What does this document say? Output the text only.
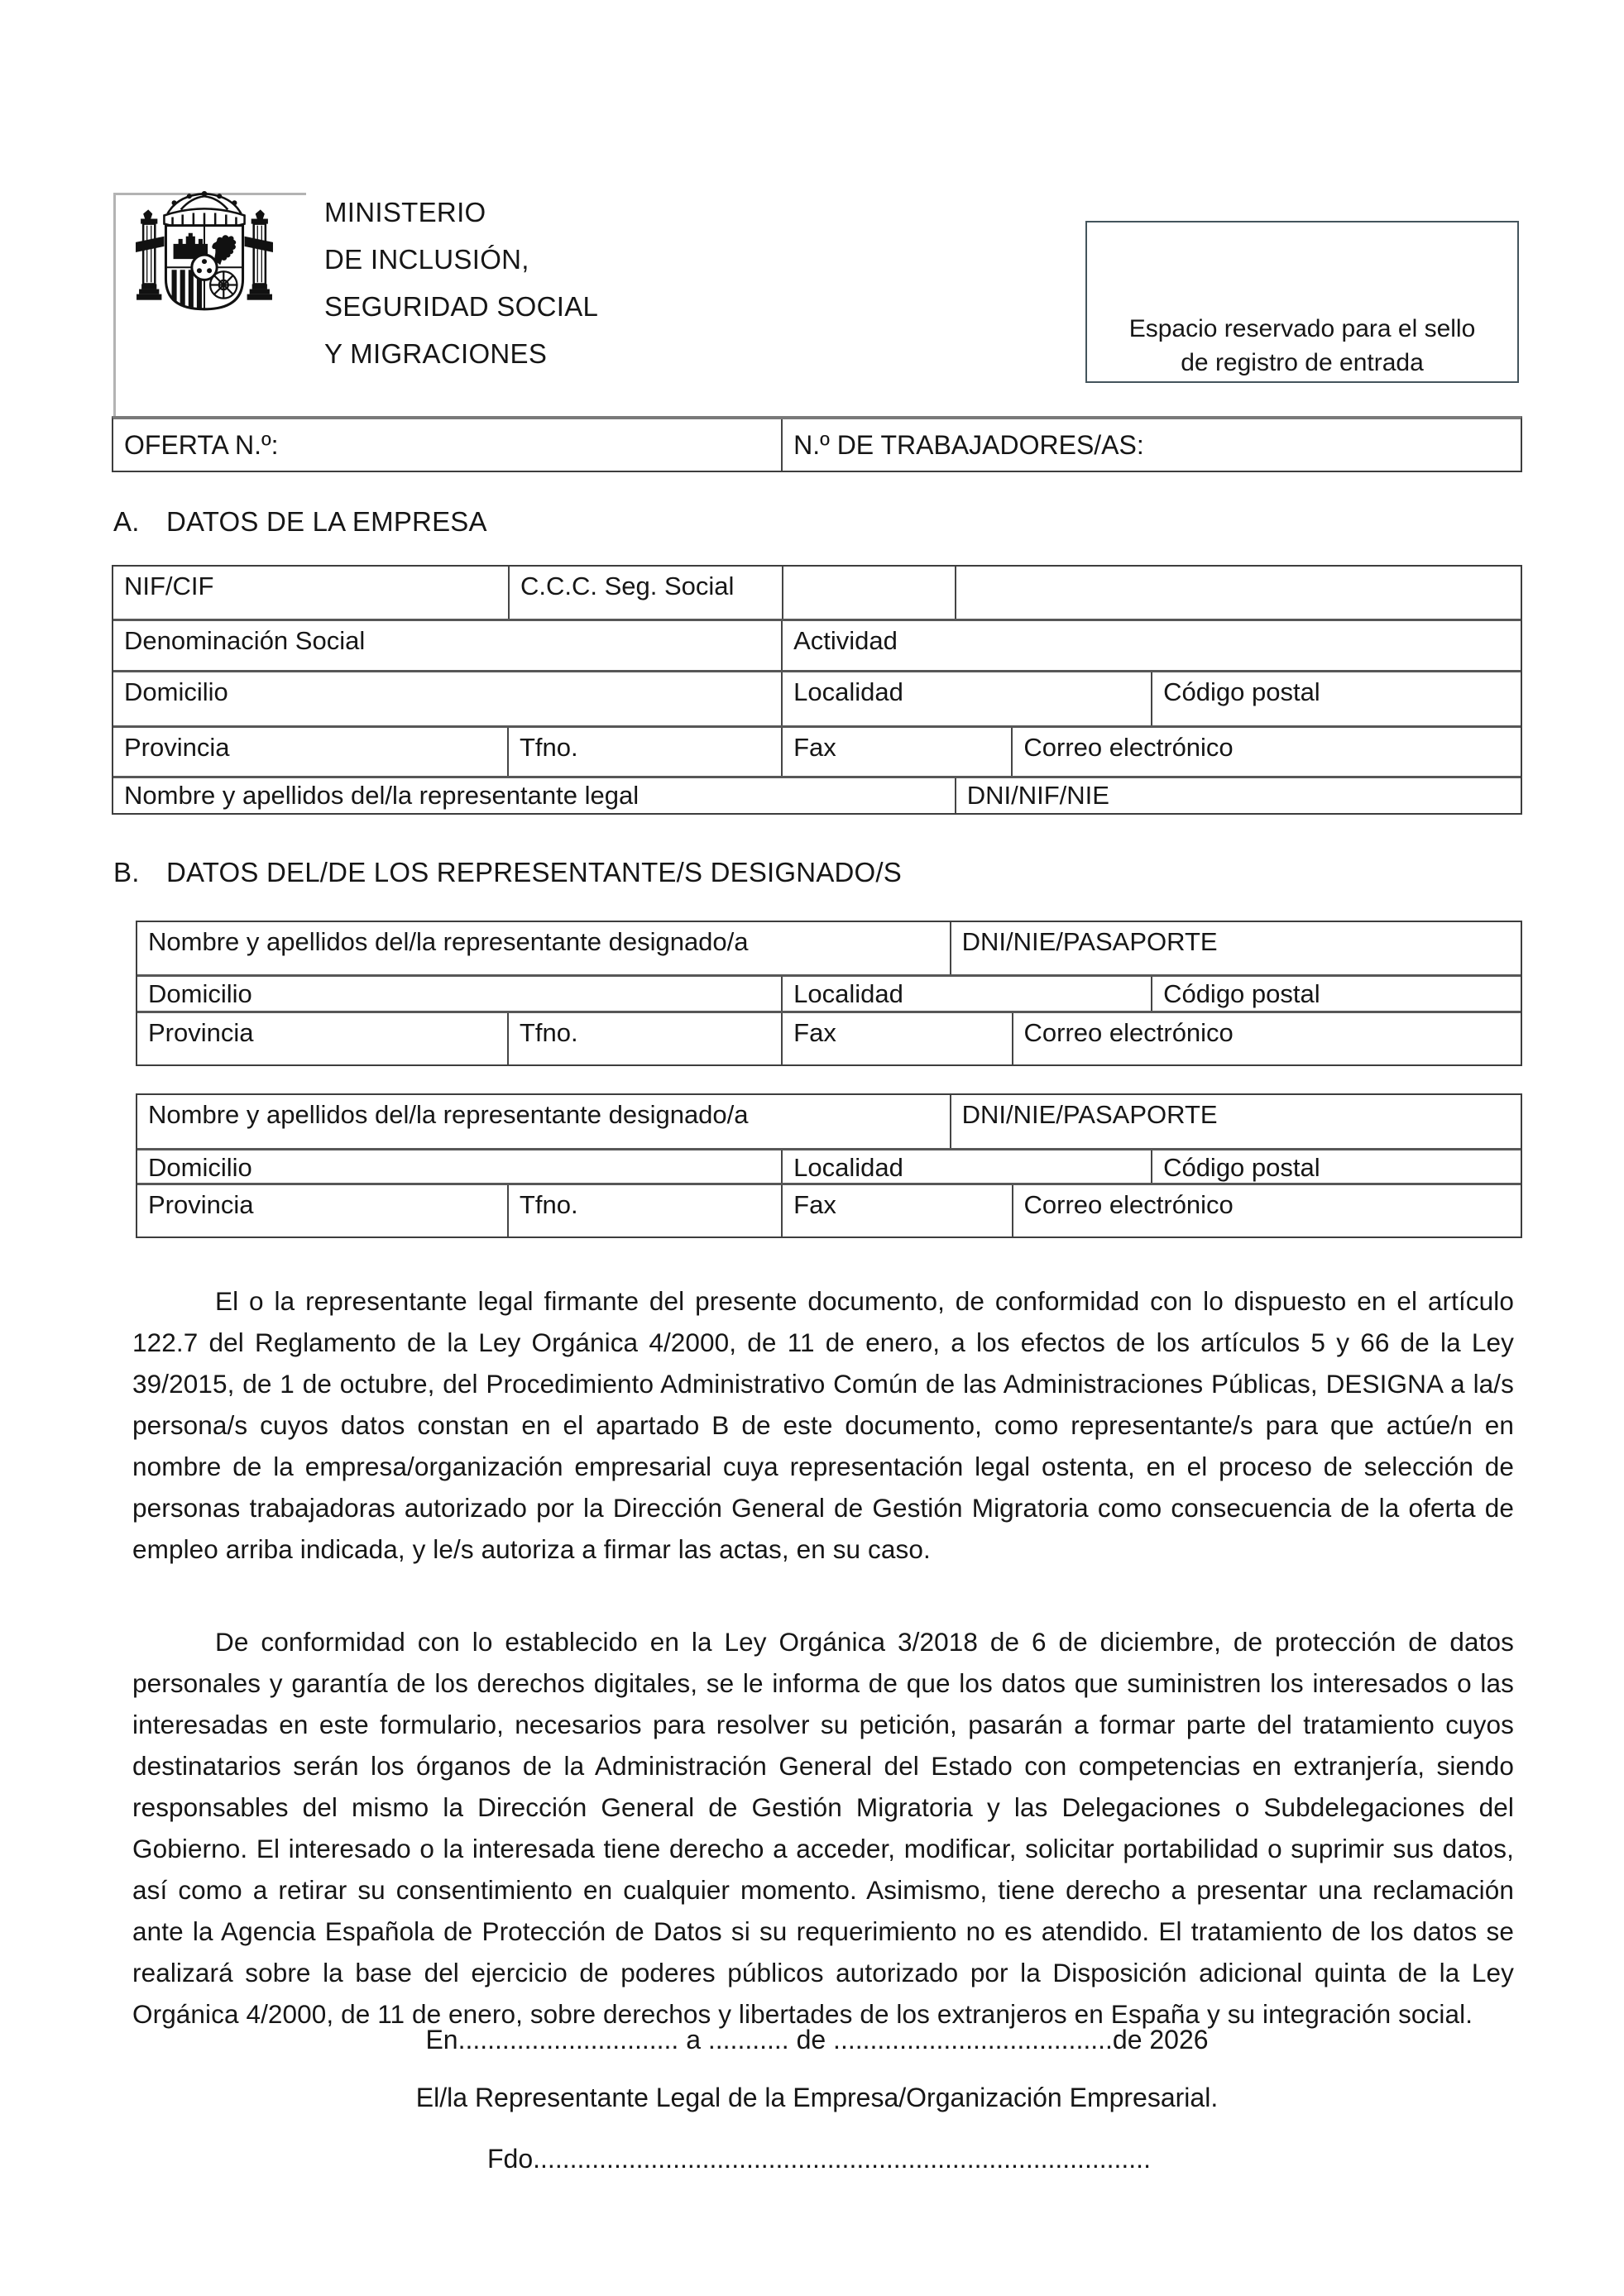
MINISTERIO
DE INCLUSIÓN,
SEGURIDAD SOCIAL
Y MIGRACIONES
Espacio reservado para el sello
de registro de entrada
OFERTA N.º:	N.º DE TRABAJADORES/AS:
A. DATOS DE LA EMPRESA
NIF/CIF	C.C.C. Seg. Social
Denominación Social	Actividad
Domicilio	Localidad	Código postal
Provincia	Tfno.	Fax	Correo electrónico
Nombre y apellidos del/la representante legal	DNI/NIF/NIE
B. DATOS DEL/DE LOS REPRESENTANTE/S DESIGNADO/S
Nombre y apellidos del/la representante designado/a	DNI/NIE/PASAPORTE
Domicilio	Localidad	Código postal
Provincia	Tfno.	Fax	Correo electrónico
Nombre y apellidos del/la representante designado/a	DNI/NIE/PASAPORTE
Domicilio	Localidad	Código postal
Provincia	Tfno.	Fax	Correo electrónico

El o la representante legal firmante del presente documento, de conformidad con lo dispuesto en el artículo 122.7 del Reglamento de la Ley Orgánica 4/2000, de 11 de enero, a los efectos de los artículos 5 y 66 de la Ley 39/2015, de 1 de octubre, del Procedimiento Administrativo Común de las Administraciones Públicas, DESIGNA a la/s persona/s cuyos datos constan en el apartado B de este documento, como representante/s para que actúe/n en nombre de la empresa/organización empresarial cuya representación legal ostenta, en el proceso de selección de personas trabajadoras autorizado por la Dirección General de Gestión Migratoria como consecuencia de la oferta de empleo arriba indicada, y le/s autoriza a firmar las actas, en su caso.

De conformidad con lo establecido en la Ley Orgánica 3/2018 de 6 de diciembre, de protección de datos personales y garantía de los derechos digitales, se le informa de que los datos que suministren los interesados o las interesadas en este formulario, necesarios para resolver su petición, pasarán a formar parte del tratamiento cuyos destinatarios serán los órganos de la Administración General del Estado con competencias en extranjería, siendo responsables del mismo la Dirección General de Gestión Migratoria y las Delegaciones o Subdelegaciones del Gobierno. El interesado o la interesada tiene derecho a acceder, modificar, solicitar portabilidad o suprimir sus datos, así como a retirar su consentimiento en cualquier momento. Asimismo, tiene derecho a presentar una reclamación ante la Agencia Española de Protección de Datos si su requerimiento no es atendido. El tratamiento de los datos se realizará sobre la base del ejercicio de poderes públicos autorizado por la Disposición adicional quinta de la Ley Orgánica 4/2000, de 11 de enero, sobre derechos y libertades de los extranjeros en España y su integración social.

En.............................. a ........... de ......................................de 2026
El/la Representante Legal de la Empresa/Organización Empresarial.
Fdo....................................................................................
